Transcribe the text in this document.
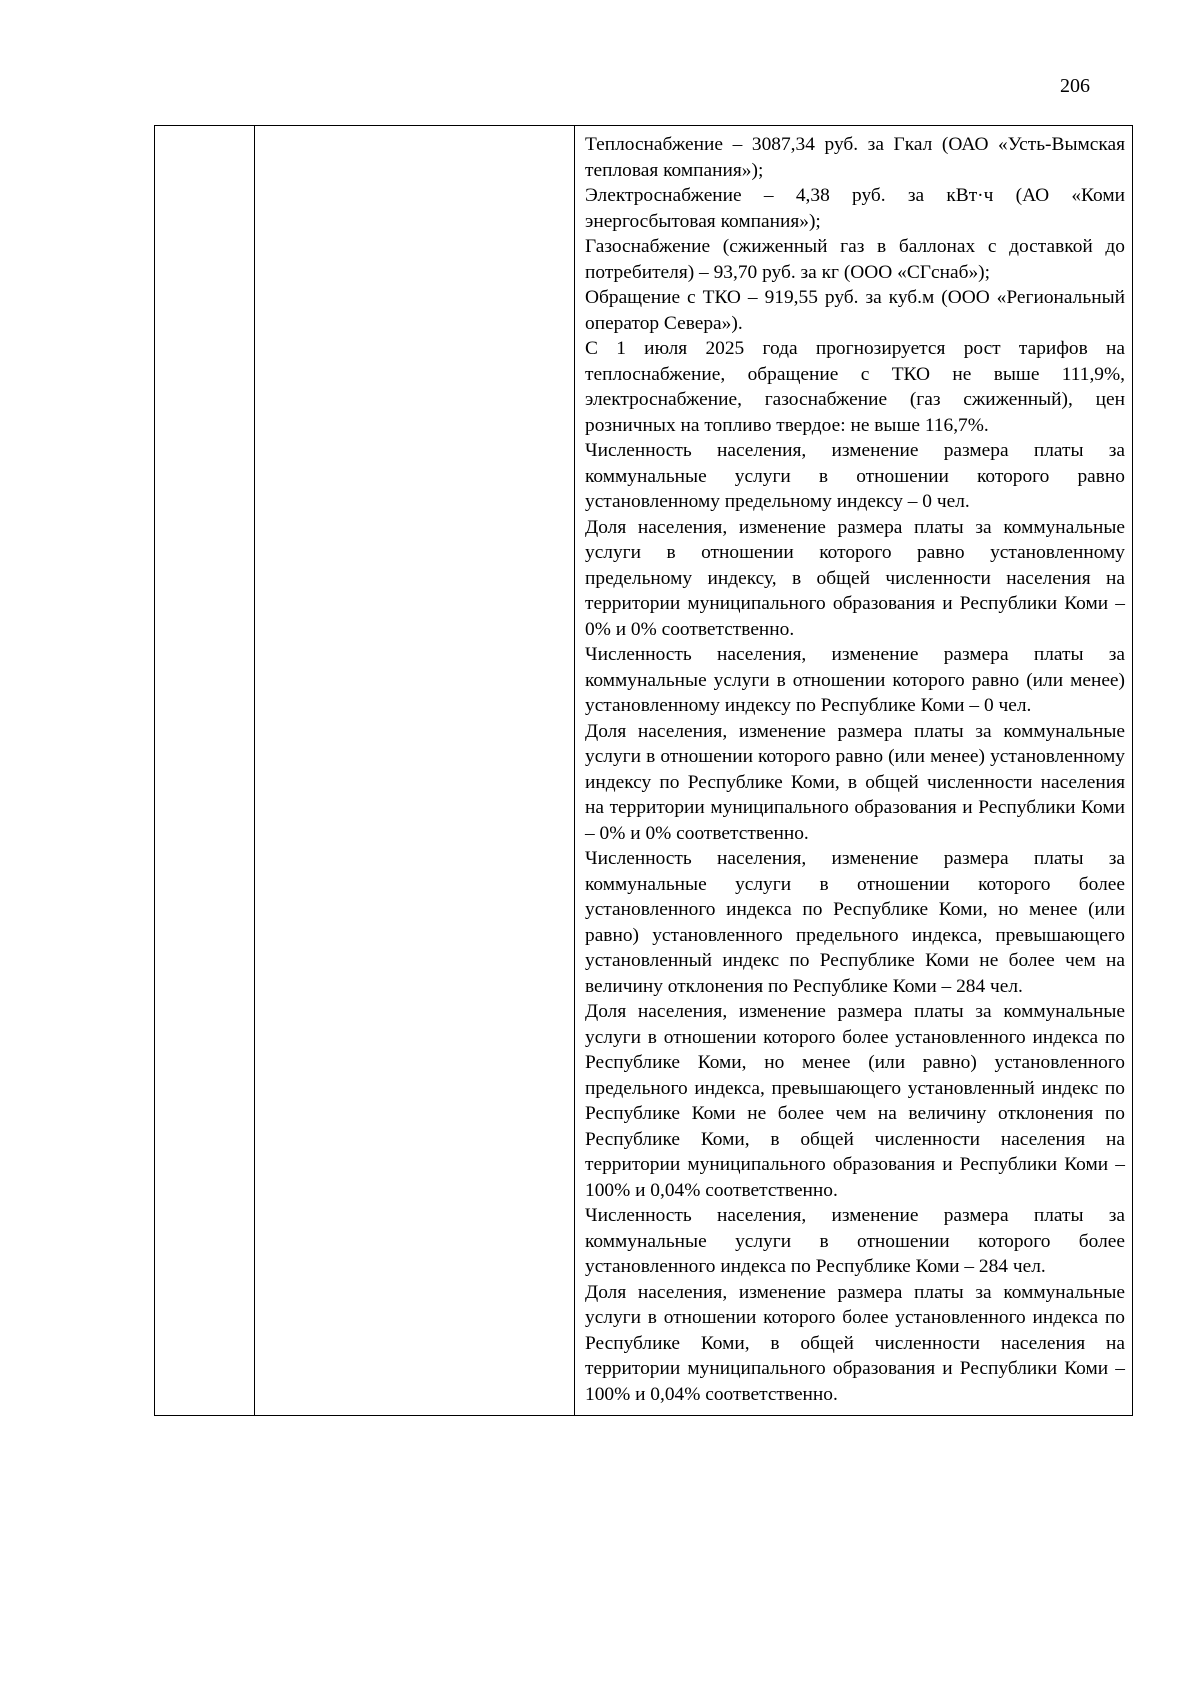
206

Теплоснабжение – 3087,34 руб. за Гкал (ОАО «Усть-Вымская тепловая компания»);

Электроснабжение – 4,38 руб. за кВт·ч (АО «Коми энергосбытовая компания»);

Газоснабжение (сжиженный газ в баллонах с доставкой до потребителя) – 93,70 руб. за кг (ООО «СГснаб»);

Обращение с ТКО – 919,55 руб. за куб.м (ООО «Региональный оператор Севера»).

С 1 июля 2025 года прогнозируется рост тарифов на теплоснабжение, обращение с ТКО не выше 111,9%, электроснабжение, газоснабжение (газ сжиженный), цен розничных на топливо твердое: не выше 116,7%.

Численность населения, изменение размера платы за коммунальные услуги в отношении которого равно установленному предельному индексу – 0 чел.

Доля населения, изменение размера платы за коммунальные услуги в отношении которого равно установленному предельному индексу, в общей численности населения на территории муниципального образования и Республики Коми – 0% и 0% соответственно.

Численность населения, изменение размера платы за коммунальные услуги в отношении которого равно (или менее) установленному индексу по Республике Коми – 0 чел.

Доля населения, изменение размера платы за коммунальные услуги в отношении которого равно (или менее) установленному индексу по Республике Коми, в общей численности населения на территории муниципального образования и Республики Коми – 0% и 0% соответственно.

Численность населения, изменение размера платы за коммунальные услуги в отношении которого более установленного индекса по Республике Коми, но менее (или равно) установленного предельного индекса, превышающего установленный индекс по Республике Коми не более чем на величину отклонения по Республике Коми – 284 чел.

Доля населения, изменение размера платы за коммунальные услуги в отношении которого более установленного индекса по Республике Коми, но менее (или равно) установленного предельного индекса, превышающего установленный индекс по Республике Коми не более чем на величину отклонения по Республике Коми, в общей численности населения на территории муниципального образования и Республики Коми – 100% и 0,04% соответственно.

Численность населения, изменение размера платы за коммунальные услуги в отношении которого более установленного индекса по Республике Коми – 284 чел.

Доля населения, изменение размера платы за коммунальные услуги в отношении которого более установленного индекса по Республике Коми, в общей численности населения на территории муниципального образования и Республики Коми – 100% и 0,04% соответственно.
